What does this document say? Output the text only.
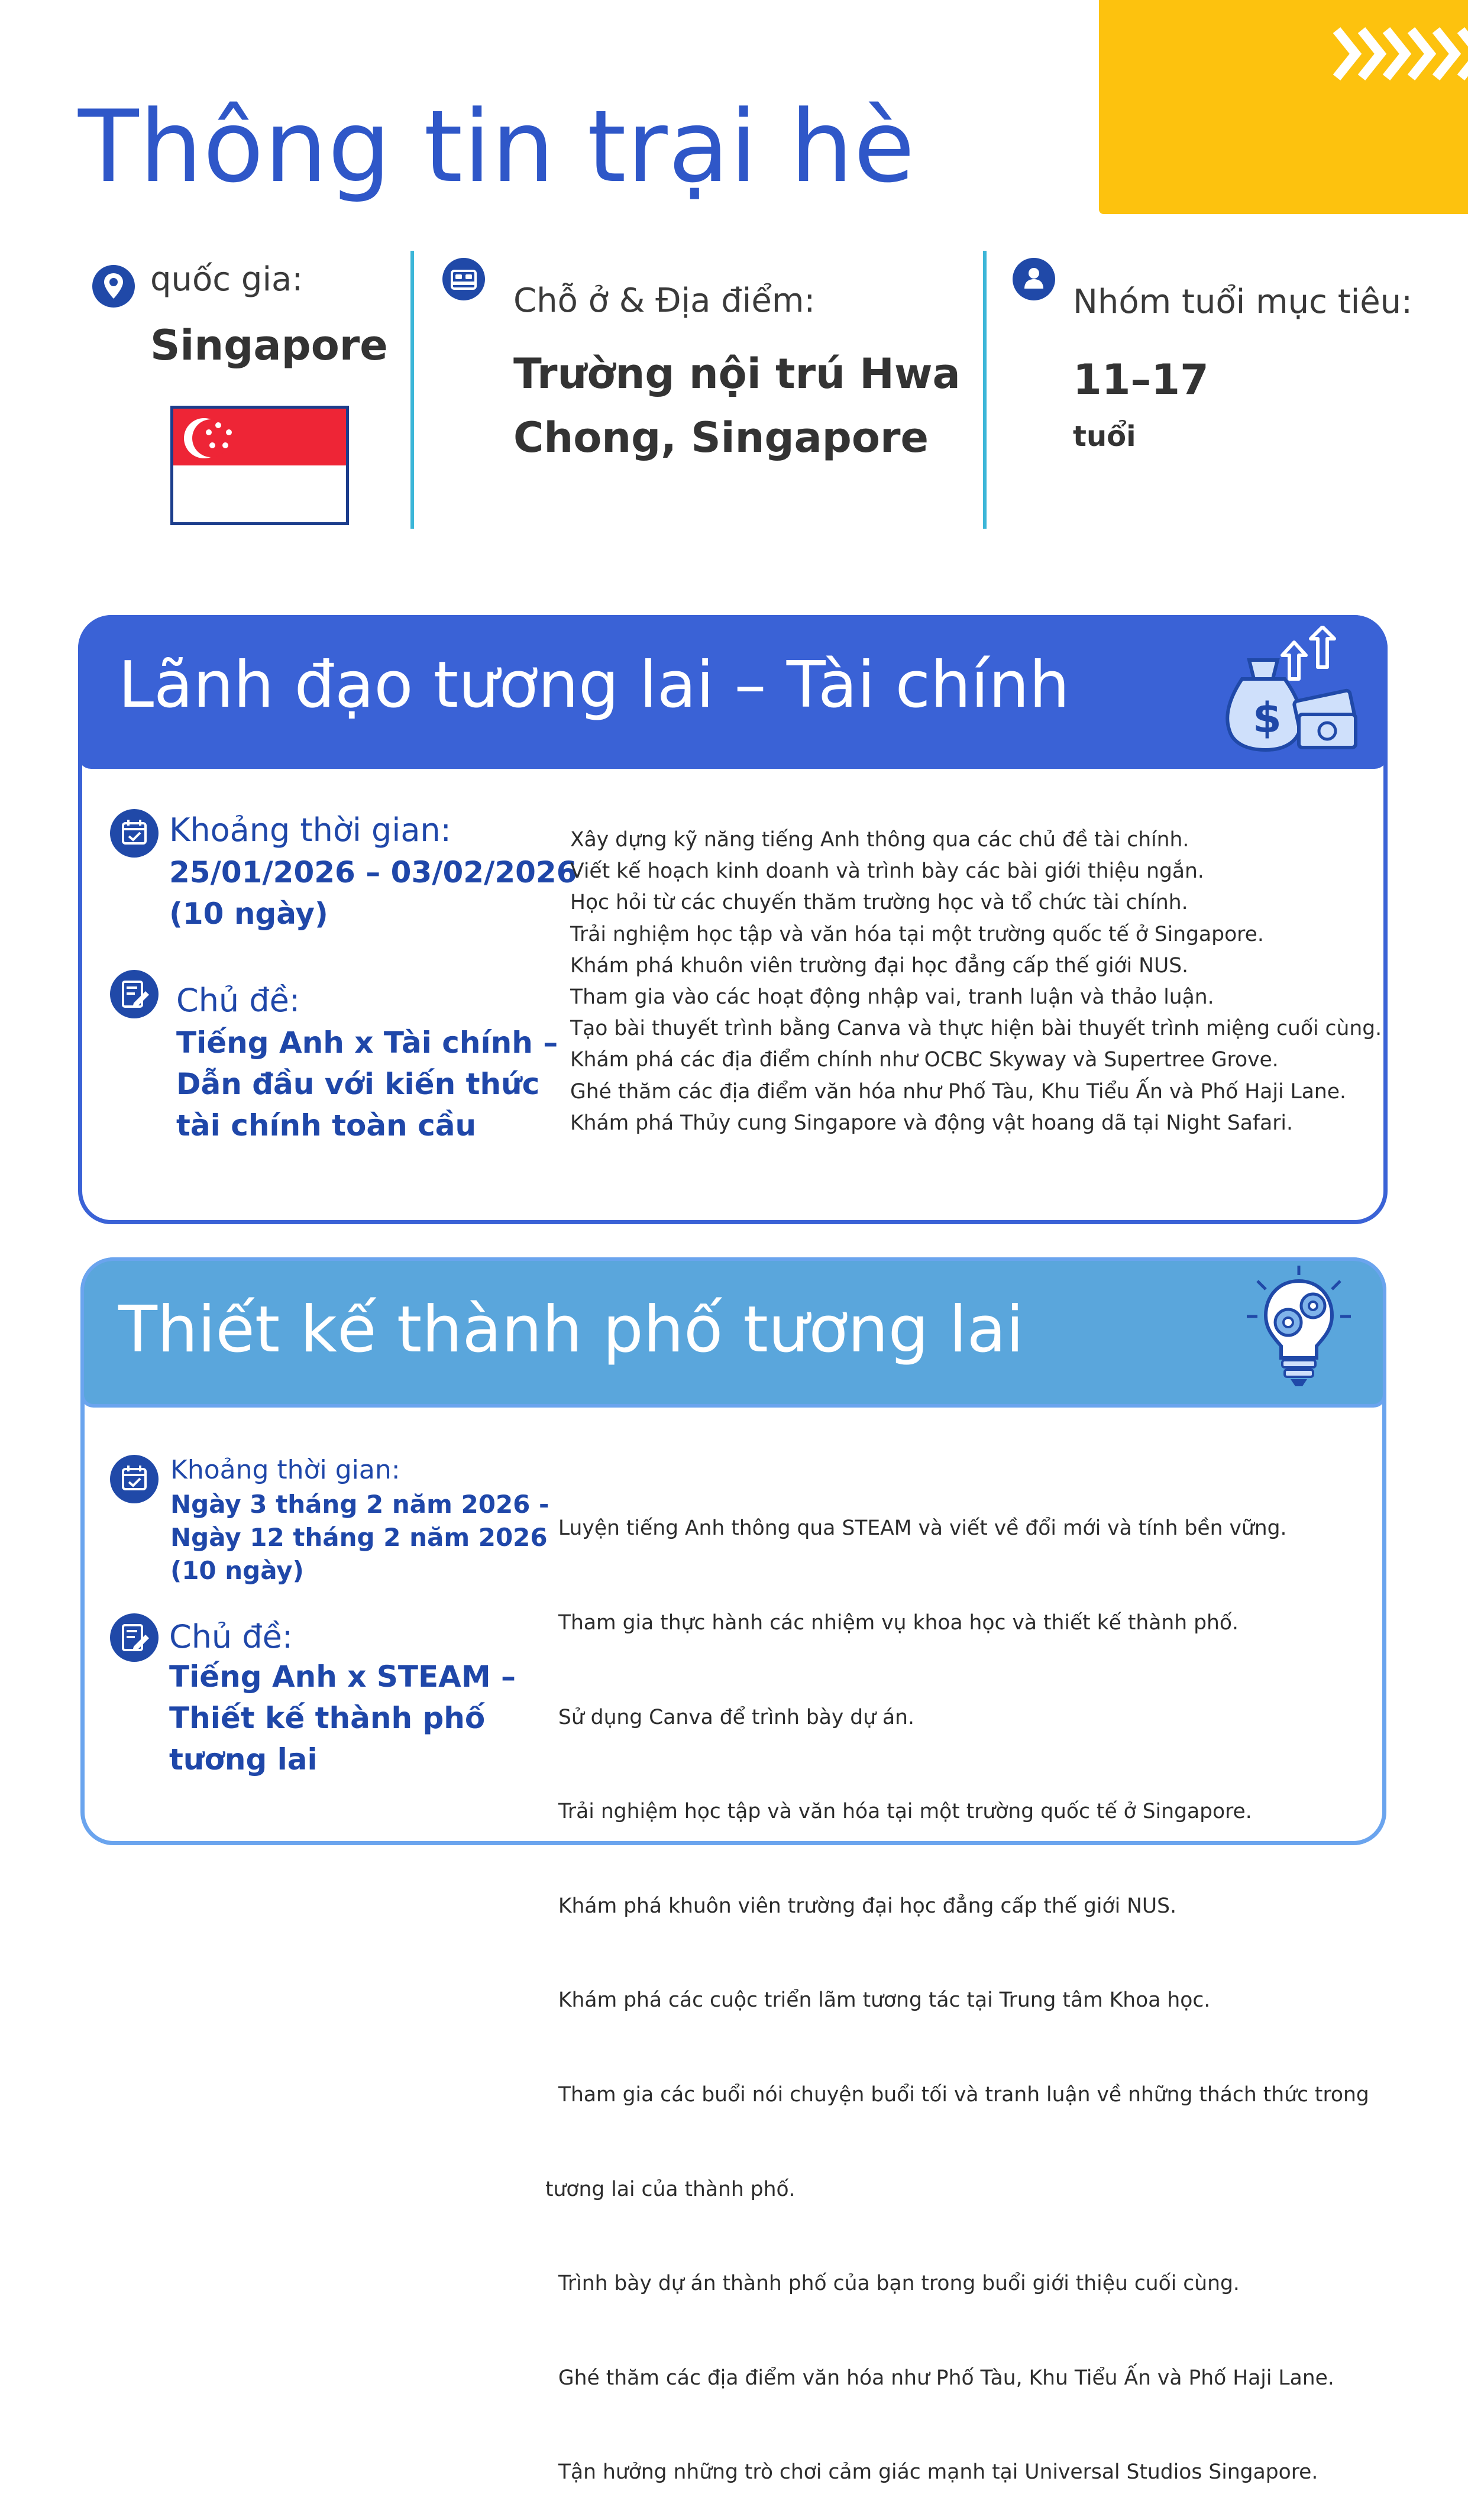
Thông tin trại hè
quốc gia:
Singapore
Chỗ ở & Địa điểm:
Trường nội trú Hwa
Chong, Singapore
Nhóm tuổi mục tiêu:
11–17
tuổi
Lãnh đạo tương lai – Tài chính	$
Khoảng thời gian:
25/01/2026 – 03/02/2026
(10 ngày)
Chủ đề:
Tiếng Anh x Tài chính –
Dẫn đầu với kiến thức
tài chính toàn cầu
Xây dựng kỹ năng tiếng Anh thông qua các chủ đề tài chính.
Viết kế hoạch kinh doanh và trình bày các bài giới thiệu ngắn.
Học hỏi từ các chuyến thăm trường học và tổ chức tài chính.
Trải nghiệm học tập và văn hóa tại một trường quốc tế ở Singapore.
Khám phá khuôn viên trường đại học đẳng cấp thế giới NUS.
Tham gia vào các hoạt động nhập vai, tranh luận và thảo luận.
Tạo bài thuyết trình bằng Canva và thực hiện bài thuyết trình miệng cuối cùng.
Khám phá các địa điểm chính như OCBC Skyway và Supertree Grove.
Ghé thăm các địa điểm văn hóa như Phố Tàu, Khu Tiểu Ấn và Phố Haji Lane.
Khám phá Thủy cung Singapore và động vật hoang dã tại Night Safari.
Thiết kế thành phố tương lai
Khoảng thời gian:
Ngày 3 tháng 2 năm 2026 -
Ngày 12 tháng 2 năm 2026
(10 ngày)
Chủ đề:
Tiếng Anh x STEAM –
Thiết kế thành phố
tương lai

Luyện tiếng Anh thông qua STEAM và viết về đổi mới và tính bền vững.

Tham gia thực hành các nhiệm vụ khoa học và thiết kế thành phố.

Sử dụng Canva để trình bày dự án.

Trải nghiệm học tập và văn hóa tại một trường quốc tế ở Singapore.

Khám phá khuôn viên trường đại học đẳng cấp thế giới NUS.

Khám phá các cuộc triển lãm tương tác tại Trung tâm Khoa học.

Tham gia các buổi nói chuyện buổi tối và tranh luận về những thách thức trong

tương lai của thành phố.

Trình bày dự án thành phố của bạn trong buổi giới thiệu cuối cùng.

Ghé thăm các địa điểm văn hóa như Phố Tàu, Khu Tiểu Ấn và Phố Haji Lane.

Tận hưởng những trò chơi cảm giác mạnh tại Universal Studios Singapore.
